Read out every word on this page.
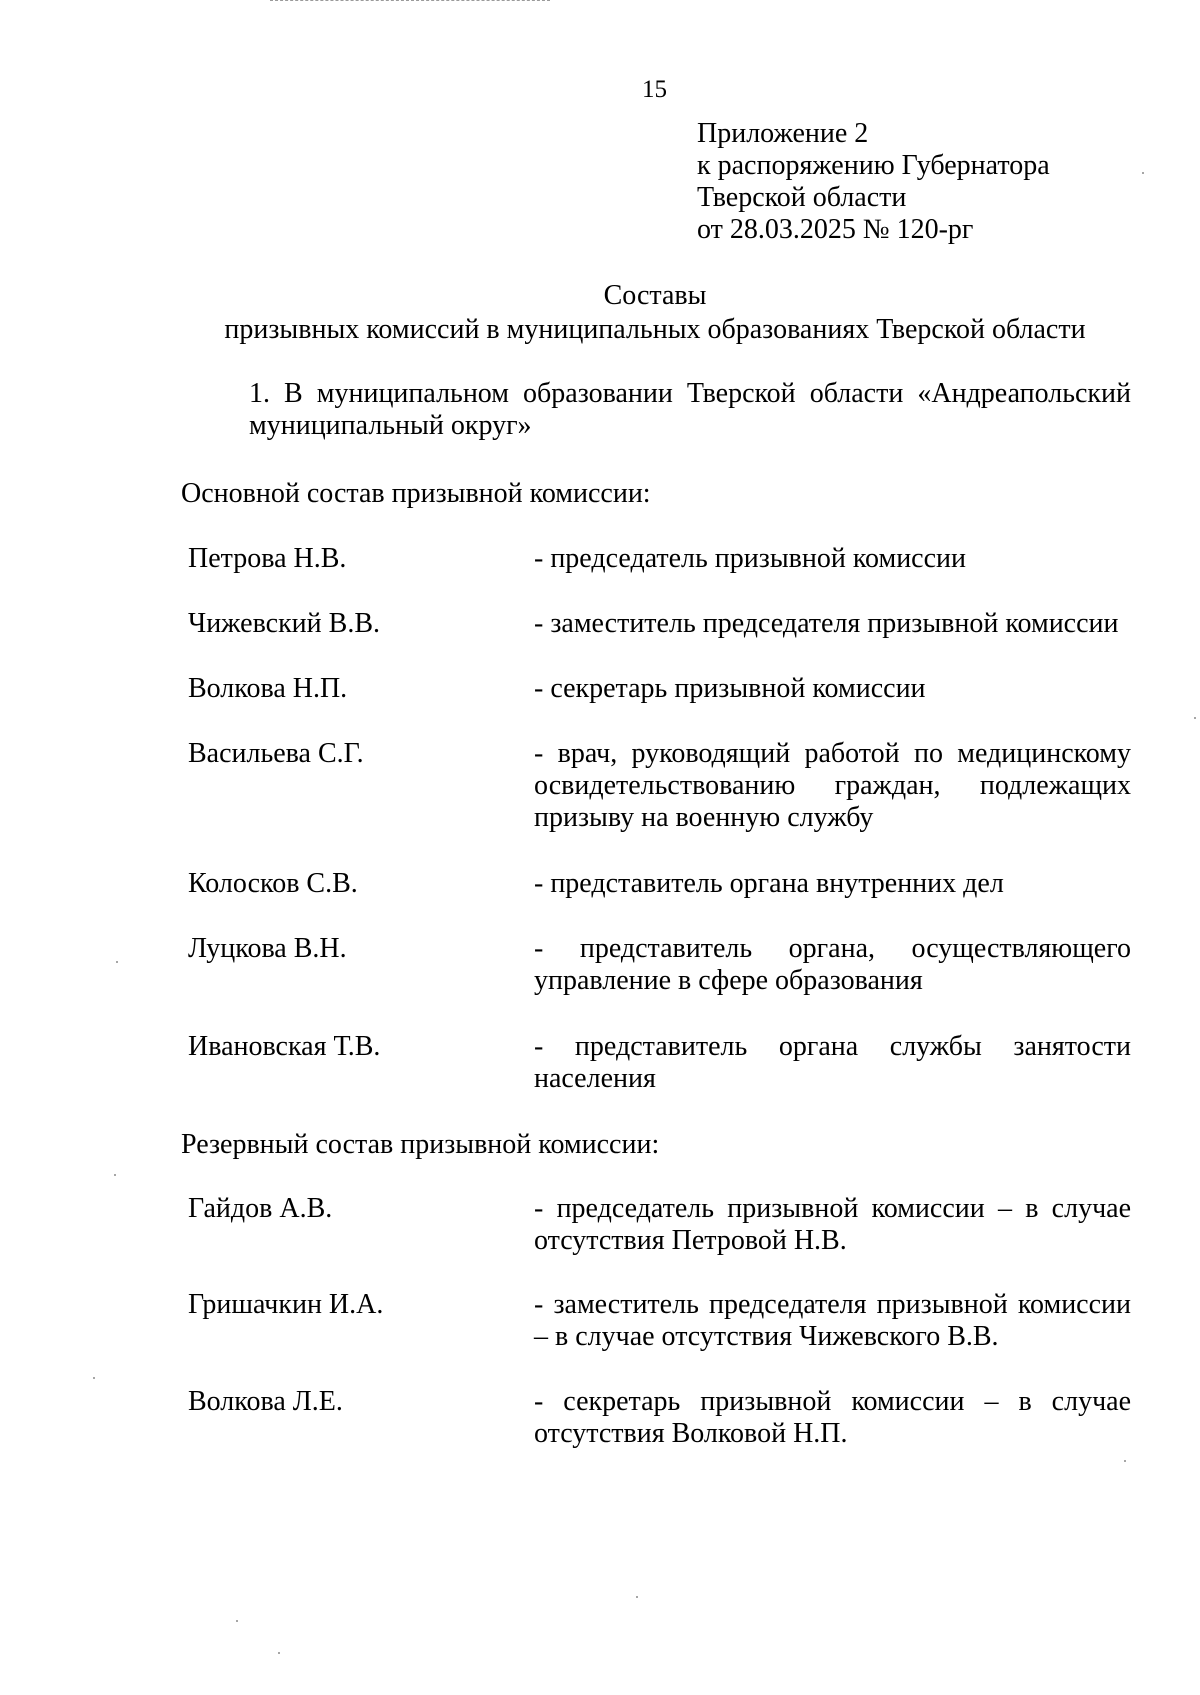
15
Приложение 2
к распоряжению Губернатора
Тверской области
от 28.03.2025 № 120-рг
Составы
призывных комиссий в муниципальных образованиях Тверской области
1. В муниципальном образовании Тверской области «Андреапольский муниципальный округ»
Основной состав призывной комиссии:
Петрова Н.В.	- председатель призывной комиссии
Чижевский В.В.	- заместитель председателя призывной комиссии
Волкова Н.П.	- секретарь призывной комиссии
Васильева С.Г.	- врач, руководящий работой по медицинскому освидетельствованию граждан, подлежащих призыву на военную службу
Колосков С.В.	- представитель органа внутренних дел
Луцкова В.Н.	- представитель органа, осуществляющего управление в сфере образования
Ивановская Т.В.	- представитель органа службы занятости населения
Резервный состав призывной комиссии:
Гайдов А.В.	- председатель призывной комиссии – в случае отсутствия Петровой Н.В.
Гришачкин И.А.	- заместитель председателя призывной комиссии – в случае отсутствия Чижевского В.В.
Волкова Л.Е.	- секретарь призывной комиссии – в случае отсутствия Волковой Н.П.
